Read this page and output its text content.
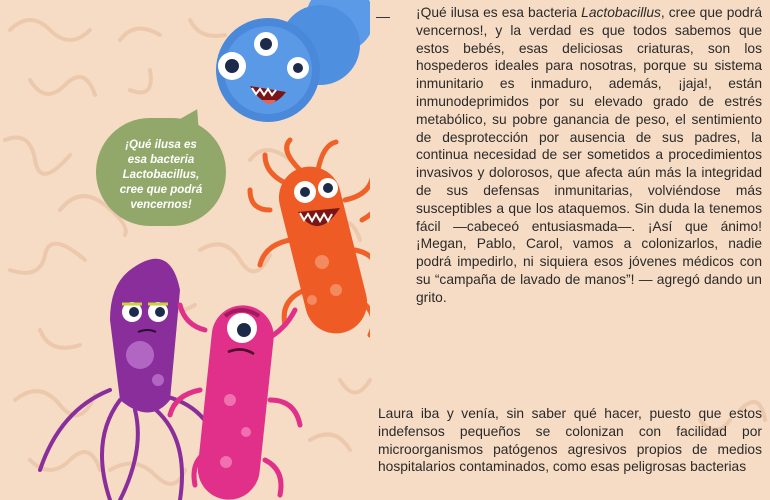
¡Qué ilusa es
esa bacteria
Lactobacillus,
cree que podrá
vencernos!
— ¡Qué ilusa es esa bacteria Lactobacillus, cree que podrá vencernos!, y la verdad es que todos sabemos que estos bebés, esas deliciosas criaturas, son los hospederos ideales para nosotras, porque su sistema inmunitario es inmaduro, además, ¡jaja!, están inmunodeprimidos por su elevado grado de estrés metabólico, su pobre ganancia de peso, el sentimiento de desprotección por ausencia de sus padres, la continua necesidad de ser sometidos a procedimientos invasivos y dolorosos, que afecta aún más la integridad de sus defensas inmunitarias, volviéndose más susceptibles a que los ataquemos. Sin duda la tenemos fácil —cabeceó entusiasmada—. ¡Así que ánimo! ¡Megan, Pablo, Carol, vamos a colonizarlos, nadie podrá impedirlo, ni siquiera esos jóvenes médicos con su “campaña de lavado de manos”! — agregó dando un grito.

Laura iba y venía, sin saber qué hacer, puesto que estos indefensos pequeños se colonizan con facilidad por microorganismos patógenos agresivos propios de medios hospitalarios contaminados, como esas peligrosas bacterias
